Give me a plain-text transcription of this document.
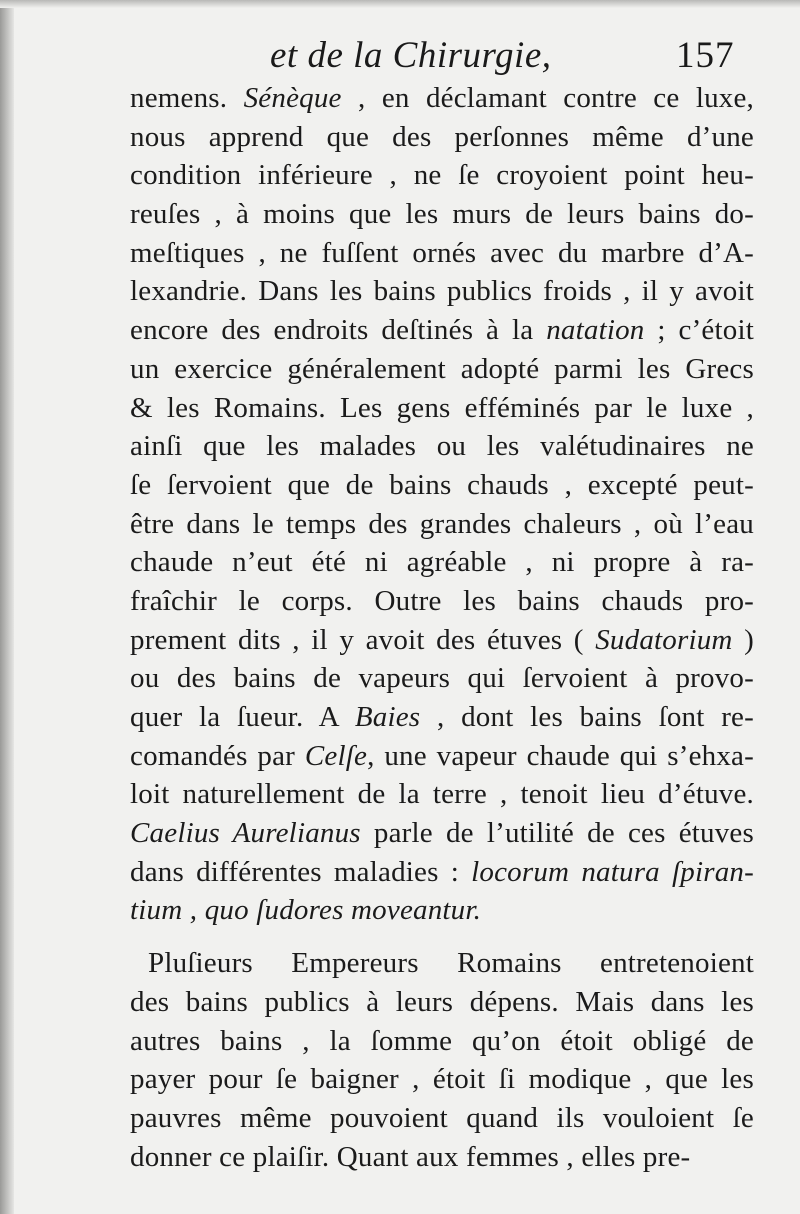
et de la Chirurgie,	157
nemens. Sénèque , en déclamant contre ce luxe,
nous apprend que des perſonnes même d’une
condition inférieure , ne ſe croyoient point heu-
reuſes , à moins que les murs de leurs bains do-
meſtiques , ne fuſſent ornés avec du marbre d’A-
lexandrie. Dans les bains publics froids , il y avoit
encore des endroits deſtinés à la natation ; c’étoit
un exercice généralement adopté parmi les Grecs
& les Romains. Les gens efféminés par le luxe ,
ainſi que les malades ou les valétudinaires ne
ſe ſervoient que de bains chauds , excepté peut-
être dans le temps des grandes chaleurs , où l’eau
chaude n’eut été ni agréable , ni propre à ra-
fraîchir le corps. Outre les bains chauds pro-
prement dits , il y avoit des étuves ( Sudatorium )
ou des bains de vapeurs qui ſervoient à provo-
quer la ſueur. A Baies , dont les bains ſont re-
comandés par Celſe, une vapeur chaude qui s’ehxa-
loit naturellement de la terre , tenoit lieu d’étuve.
Caelius Aurelianus parle de l’utilité de ces étuves
dans différentes maladies : locorum natura ſpiran-
tium , quo ſudores moveantur.
Pluſieurs Empereurs Romains entretenoient
des bains publics à leurs dépens. Mais dans les
autres bains , la ſomme qu’on étoit obligé de
payer pour ſe baigner , étoit ſi modique , que les
pauvres même pouvoient quand ils vouloient ſe
donner ce plaiſir. Quant aux femmes , elles pre-
